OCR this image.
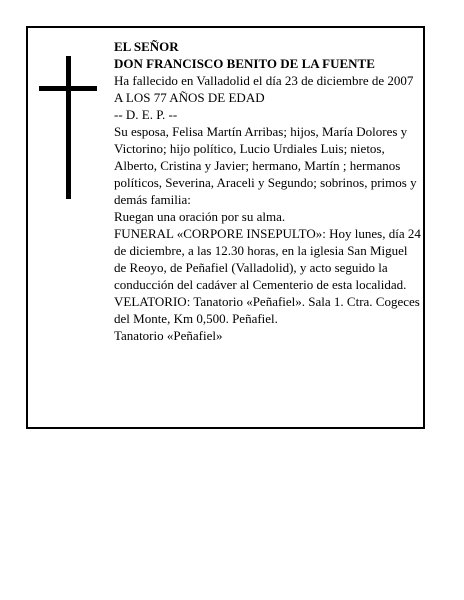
EL SEÑOR

DON FRANCISCO BENITO DE LA FUENTE

Ha fallecido en Valladolid el día 23 de diciembre de 2007

A LOS 77 AÑOS DE EDAD

-- D. E. P. --

Su esposa, Felisa Martín Arribas; hijos, María Dolores y Victorino; hijo político, Lucio Urdiales Luis; nietos, Alberto, Cristina y Javier; hermano, Martín ; hermanos políticos, Severina, Araceli y Segundo; sobrinos, primos y demás familia:

Ruegan una oración por su alma.

FUNERAL «CORPORE INSEPULTO»: Hoy lunes, día 24 de diciembre, a las 12.30 horas, en la iglesia San Miguel de Reoyo, de Peñafiel (Valladolid), y acto seguido la conducción del cadáver al Cementerio de esta localidad.

VELATORIO: Tanatorio «Peñafiel». Sala 1. Ctra. Cogeces del Monte, Km 0,500. Peñafiel.

Tanatorio «Peñafiel»
